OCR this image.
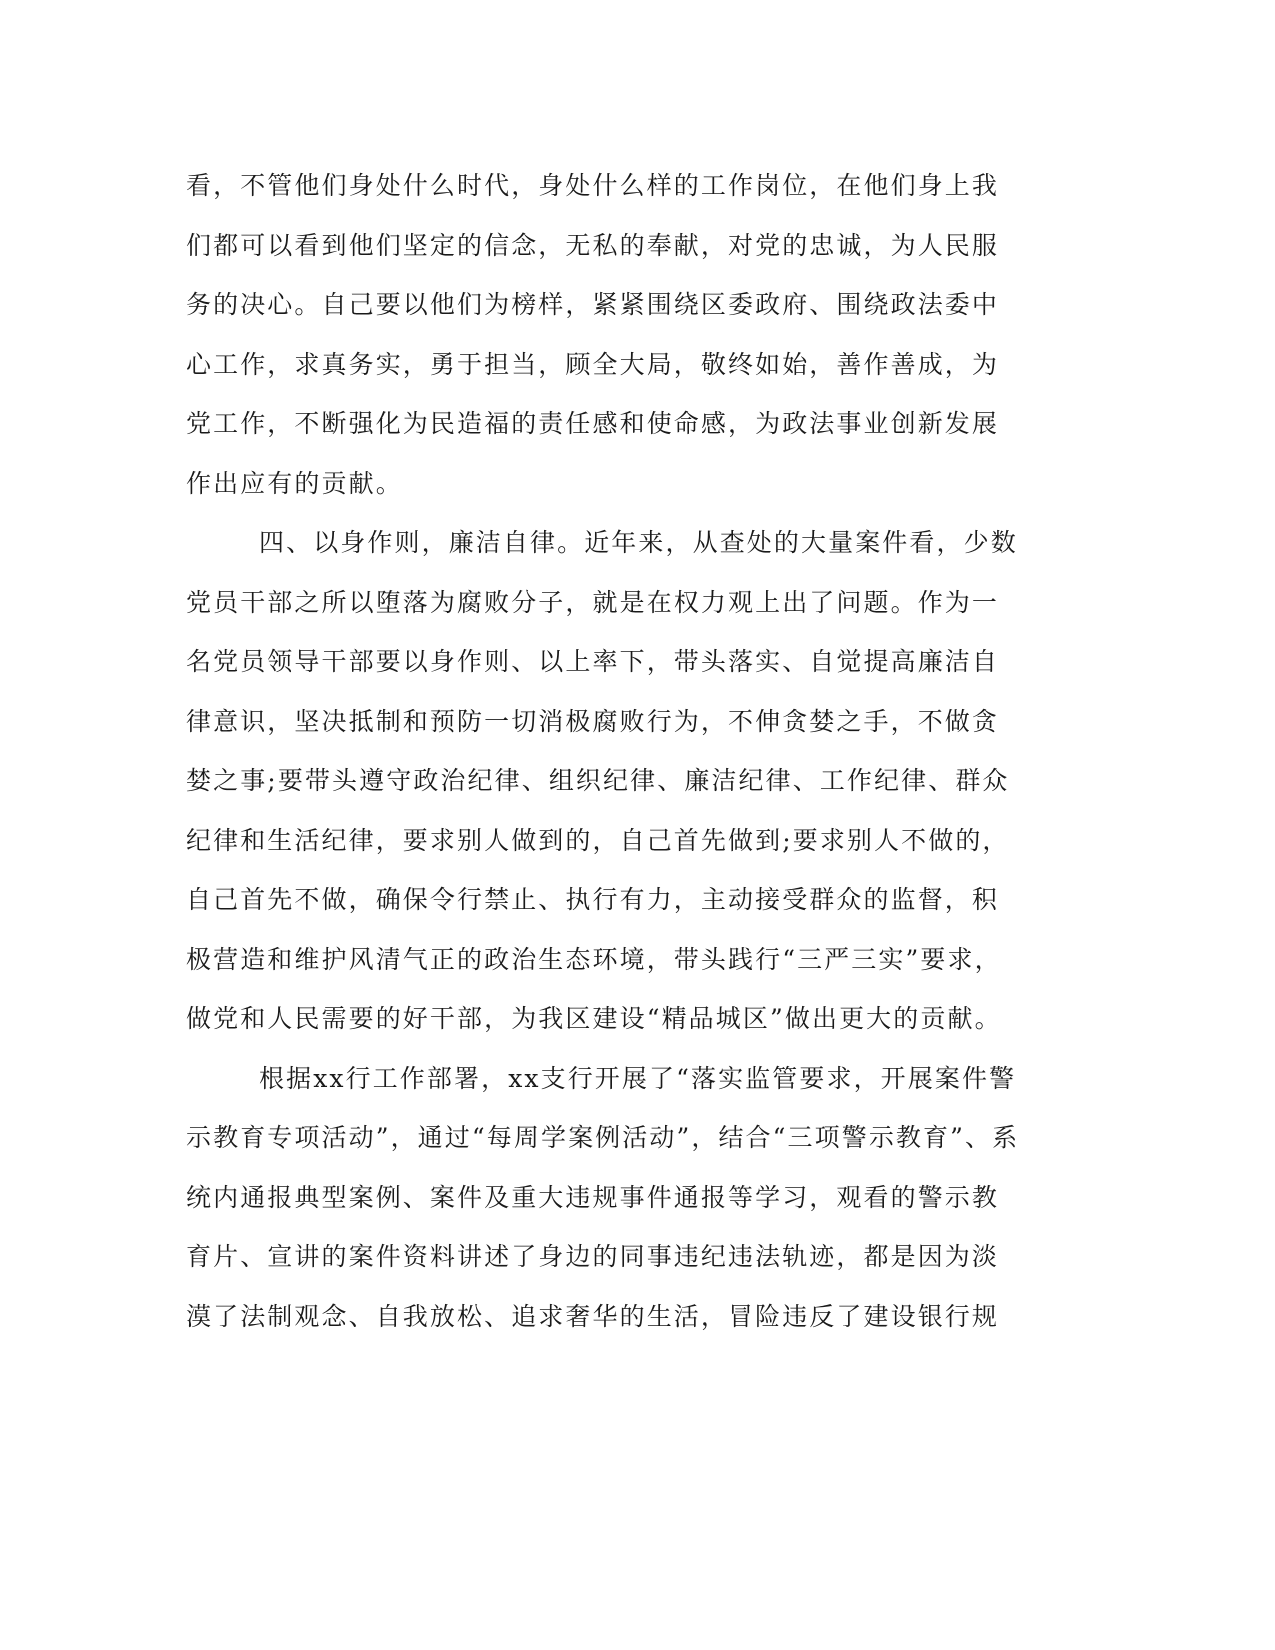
看，不管他们身处什么时代，身处什么样的工作岗位，在他们身上我
们都可以看到他们坚定的信念，无私的奉献，对党的忠诚，为人民服
务的决心。自己要以他们为榜样，紧紧围绕区委政府、围绕政法委中
心工作，求真务实，勇于担当，顾全大局，敬终如始，善作善成，为
党工作，不断强化为民造福的责任感和使命感，为政法事业创新发展
作出应有的贡献。
四、以身作则，廉洁自律。近年来，从查处的大量案件看，少数
党员干部之所以堕落为腐败分子，就是在权力观上出了问题。作为一
名党员领导干部要以身作则、以上率下，带头落实、自觉提高廉洁自
律意识，坚决抵制和预防一切消极腐败行为，不伸贪婪之手，不做贪
婪之事;要带头遵守政治纪律、组织纪律、廉洁纪律、工作纪律、群众
纪律和生活纪律，要求别人做到的，自己首先做到;要求别人不做的，
自己首先不做，确保令行禁止、执行有力，主动接受群众的监督，积
极营造和维护风清气正的政治生态环境，带头践行“三严三实”要求，
做党和人民需要的好干部，为我区建设“精品城区”做出更大的贡献。
根据xx行工作部署，xx支行开展了“落实监管要求，开展案件警
示教育专项活动”，通过“每周学案例活动”，结合“三项警示教育”、系
统内通报典型案例、案件及重大违规事件通报等学习，观看的警示教
育片、宣讲的案件资料讲述了身边的同事违纪违法轨迹，都是因为淡
漠了法制观念、自我放松、追求奢华的生活，冒险违反了建设银行规
